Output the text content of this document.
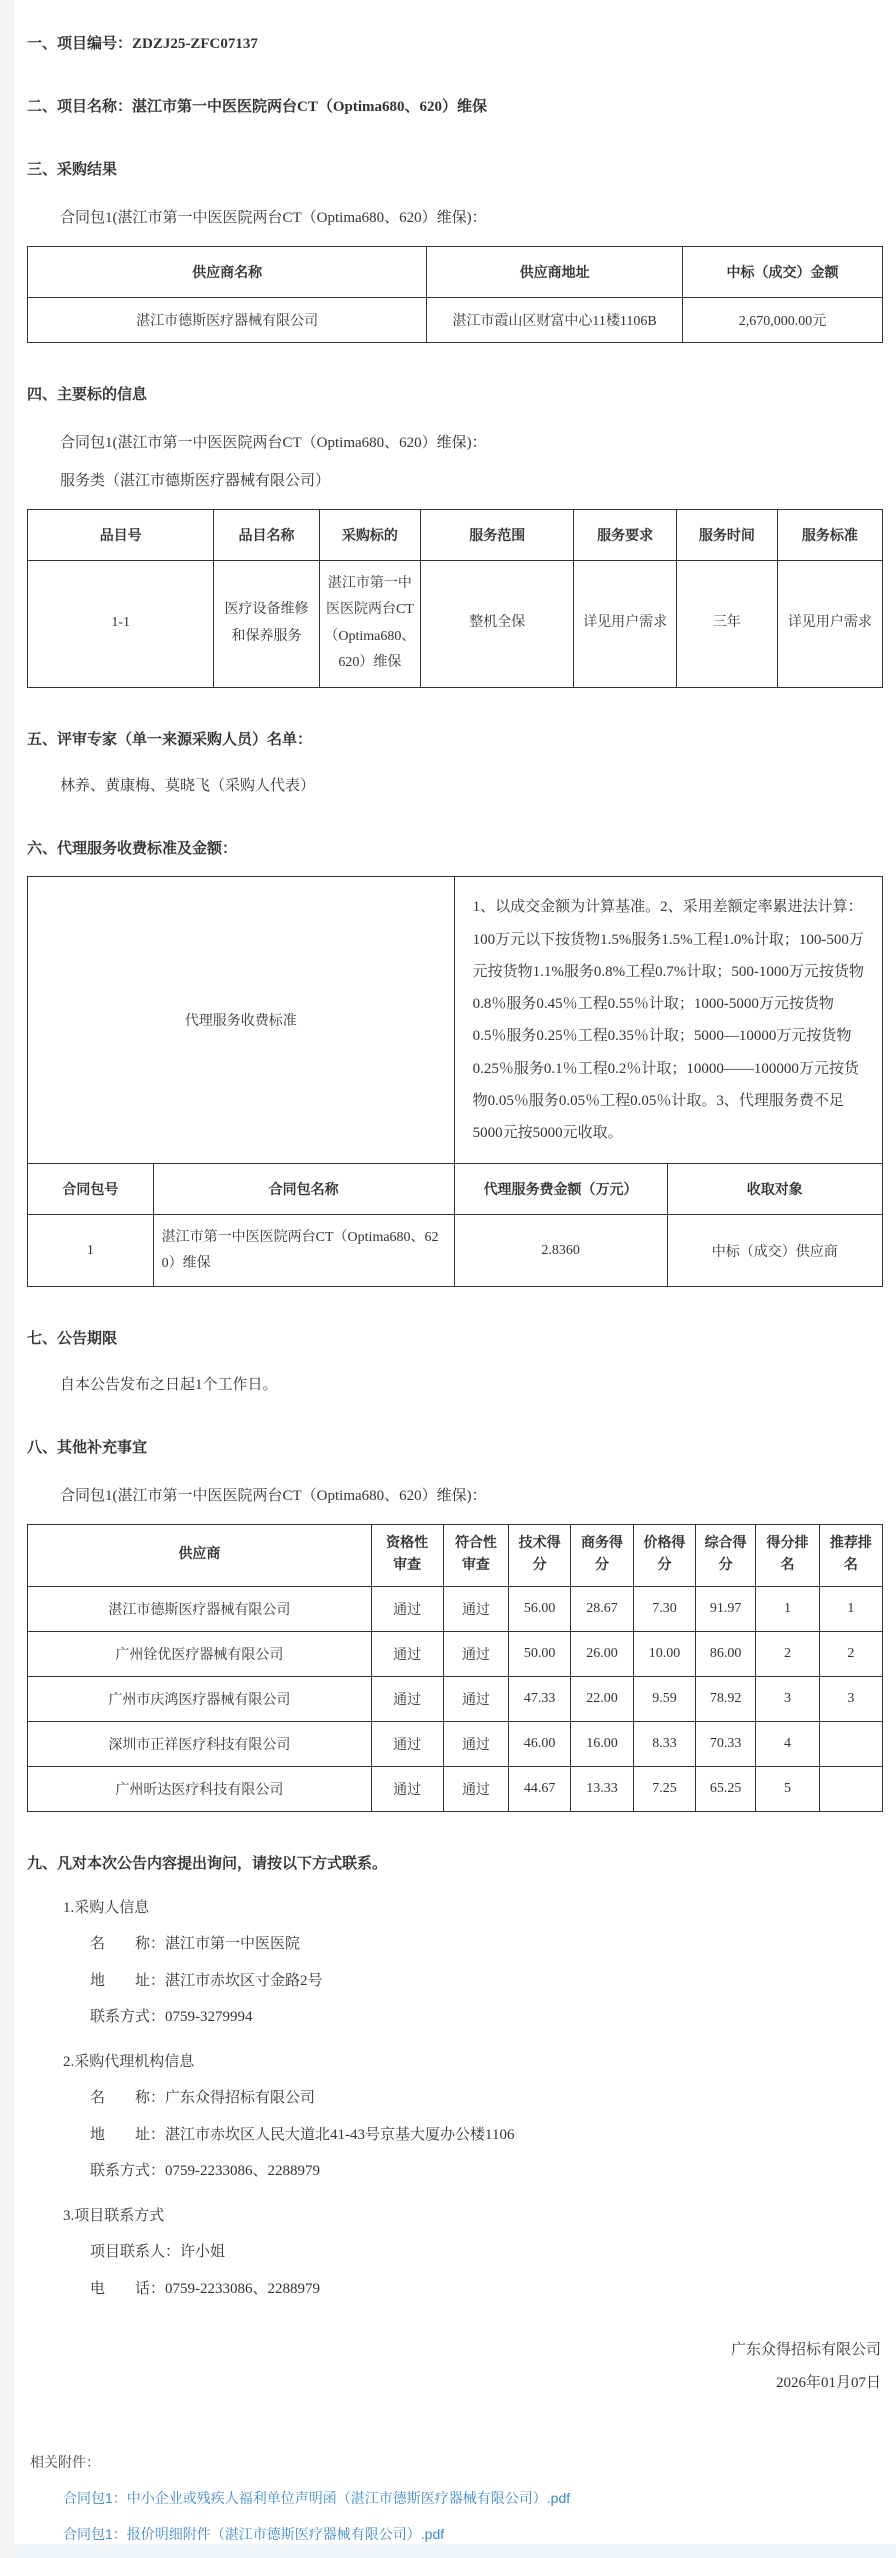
一、项目编号：ZDZJ25-ZFC07137
二、项目名称：湛江市第一中医医院两台CT（Optima680、620）维保
三、采购结果

合同包1(湛江市第一中医医院两台CT（Optima680、620）维保)：

供应商名称	供应商地址	中标（成交）金额
湛江市德斯医疗器械有限公司	湛江市霞山区财富中心11楼1106B	2,670,000.00元
四、主要标的信息

合同包1(湛江市第一中医医院两台CT（Optima680、620）维保)：

服务类（湛江市德斯医疗器械有限公司）

品目号	品目名称	采购标的	服务范围	服务要求	服务时间	服务标准
1-1	医疗设备维修和保养服务	湛江市第一中医医院两台CT（Optima680、620）维保	整机全保	详见用户需求	三年	详见用户需求
五、评审专家（单一来源采购人员）名单：

林养、黄康梅、莫晓飞（采购人代表）

六、代理服务收费标准及金额：
代理服务收费标准		1、以成交金额为计算基准。2、采用差额定率累进法计算：100万元以下按货物1.5%服务1.5%工程1.0%计取；100-500万元按货物1.1%服务0.8%工程0.7%计取；500-1000万元按货物0.8％服务0.45％工程0.55％计取；1000-5000万元按货物0.5％服务0.25％工程0.35％计取；5000—10000万元按货物0.25％服务0.1％工程0.2％计取；10000——100000万元按货物0.05％服务0.05％工程0.05％计取。3、代理服务费不足5000元按5000元收取。	
合同包号	合同包名称	代理服务费金额（万元）	收取对象
1	湛江市第一中医医院两台CT（Optima680、620）维保	2.8360	中标（成交）供应商
七、公告期限

自本公告发布之日起1个工作日。

八、其他补充事宜

合同包1(湛江市第一中医医院两台CT（Optima680、620）维保)：

供应商	资格性审查	符合性审查	技术得分	商务得分	价格得分	综合得分	得分排名	推荐排名
湛江市德斯医疗器械有限公司	通过	通过	56.00	28.67	7.30	91.97	1	1
广州铨优医疗器械有限公司	通过	通过	50.00	26.00	10.00	86.00	2	2
广州市庆鸿医疗器械有限公司	通过	通过	47.33	22.00	9.59	78.92	3	3
深圳市正祥医疗科技有限公司	通过	通过	46.00	16.00	8.33	70.33	4	
广州昕达医疗科技有限公司	通过	通过	44.67	13.33	7.25	65.25	5	
九、凡对本次公告内容提出询问，请按以下方式联系。

1.采购人信息

名　　称：湛江市第一中医医院

地　　址：湛江市赤坎区寸金路2号

联系方式：0759-3279994

2.采购代理机构信息

名　　称：广东众得招标有限公司

地　　址：湛江市赤坎区人民大道北41-43号京基大厦办公楼1106

联系方式：0759-2233086、2288979

3.项目联系方式

项目联系人：许小姐

电　　话：0759-2233086、2288979

广东众得招标有限公司
2026年01月07日

相关附件：

合同包1：中小企业或残疾人福利单位声明函（湛江市德斯医疗器械有限公司）.pdf
合同包1：报价明细附件（湛江市德斯医疗器械有限公司）.pdf
